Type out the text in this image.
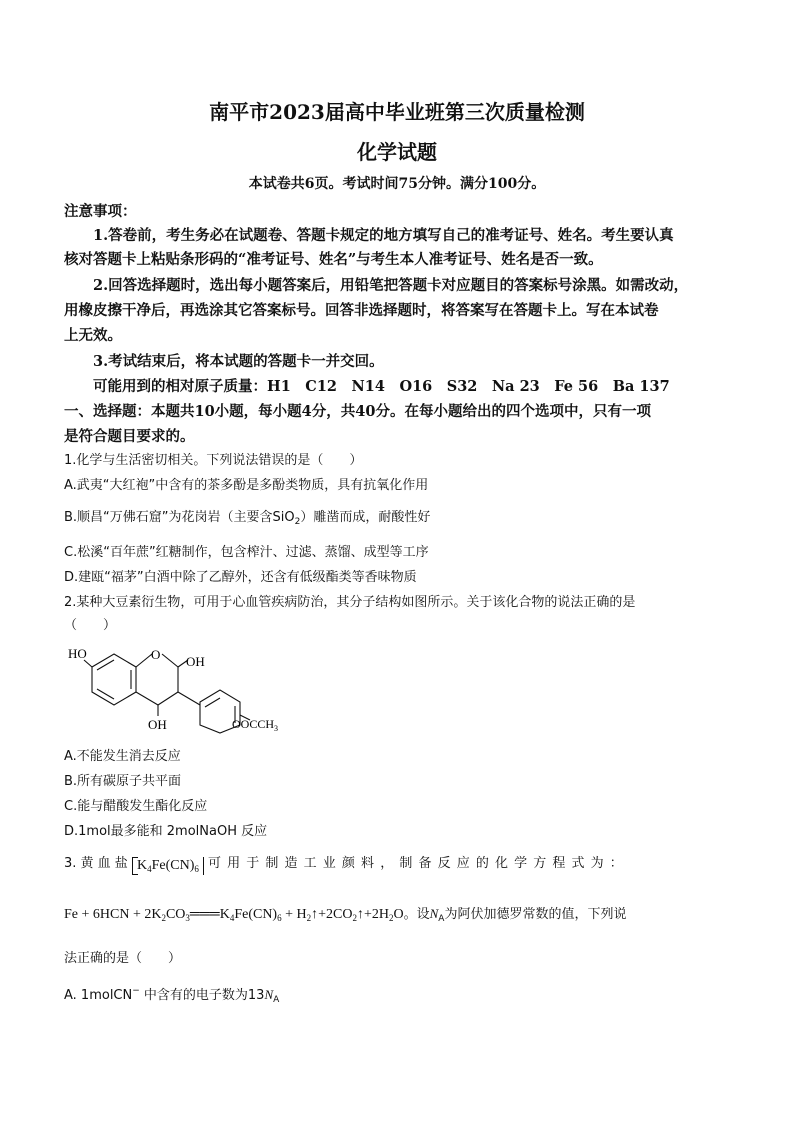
南平市2023届高中毕业班第三次质量检测
化学试题
本试卷共6页。考试时间75分钟。满分100分。
注意事项：
1.答卷前，考生务必在试题卷、答题卡规定的地方填写自己的准考证号、姓名。考生要认真
核对答题卡上粘贴条形码的“准考证号、姓名”与考生本人准考证号、姓名是否一致。
2.回答选择题时，选出每小题答案后，用铅笔把答题卡对应题目的答案标号涂黑。如需改动，
用橡皮擦干净后，再选涂其它答案标号。回答非选择题时，将答案写在答题卡上。写在本试卷
上无效。
3.考试结束后，将本试题的答题卡一并交回。
可能用到的相对原子质量：H1　C12　N14　O16　S32　Na 23　Fe 56　Ba 137
一、选择题：本题共10小题，每小题4分，共40分。在每小题给出的四个选项中，只有一项
是符合题目要求的。
1.化学与生活密切相关。下列说法错误的是（　　）
A.武夷“大红袍”中含有的茶多酚是多酚类物质，具有抗氧化作用
B.顺昌“万佛石窟”为花岗岩（主要含SiO$_2$）雕凿而成，耐酸性好
C.松溪“百年蔗”红糖制作，包含榨汁、过滤、蒸馏、成型等工序
D.建瓯“福茅”白酒中除了乙醇外，还含有低级酯类等香味物质
2.某种大豆素衍生物，可用于心血管疾病防治，其分子结构如图所示。关于该化合物的说法正确的是
（　　）
HO	O OH
OH	$OOCCH_3$
A.不能发生消去反应
B.所有碳原子共平面
C.能与醋酸发生酯化反应
D.1mol最多能和 2molNaOH 反应
3. 黄 血 盐 $K_4Fe(CN)_6$ 可 用 于 制 造 工 业 颜 料 ， 制 备 反 应 的 化 学 方 程 式 为 ：
$Fe + 6HCN + 2K_2CO_3═══K_4Fe(CN)_6$ + $H_2↑+2CO_2↑+2H_2O$。设$N_A$为阿伏加德罗常数的值，下列说
法正确的是（　　）
A. 1molCN− 中含有的电子数为$13N_A$
